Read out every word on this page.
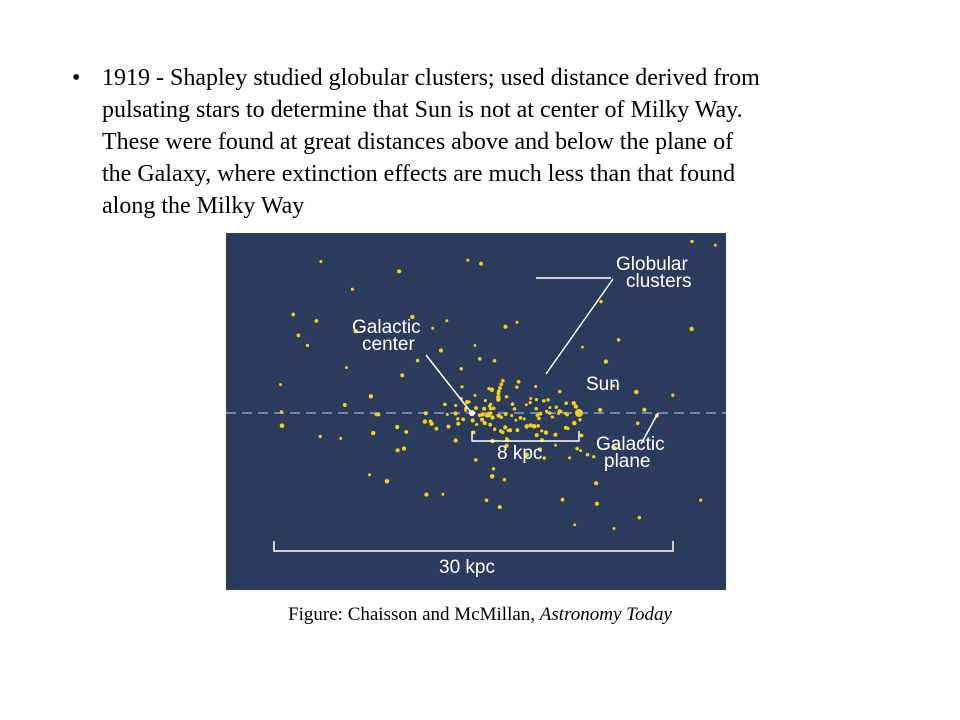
• 1919 - Shapley studied globular clusters; used distance derived from
pulsating stars to determine that Sun is not at center of Milky Way.
These were found at great distances above and below the plane of
the Galaxy, where extinction effects are much less than that found
along the Milky Way
Globular
clusters
Galactic
center
Sun
Galactic
plane
8 kpc
30 kpc
Figure: Chaisson and McMillan, Astronomy Today
